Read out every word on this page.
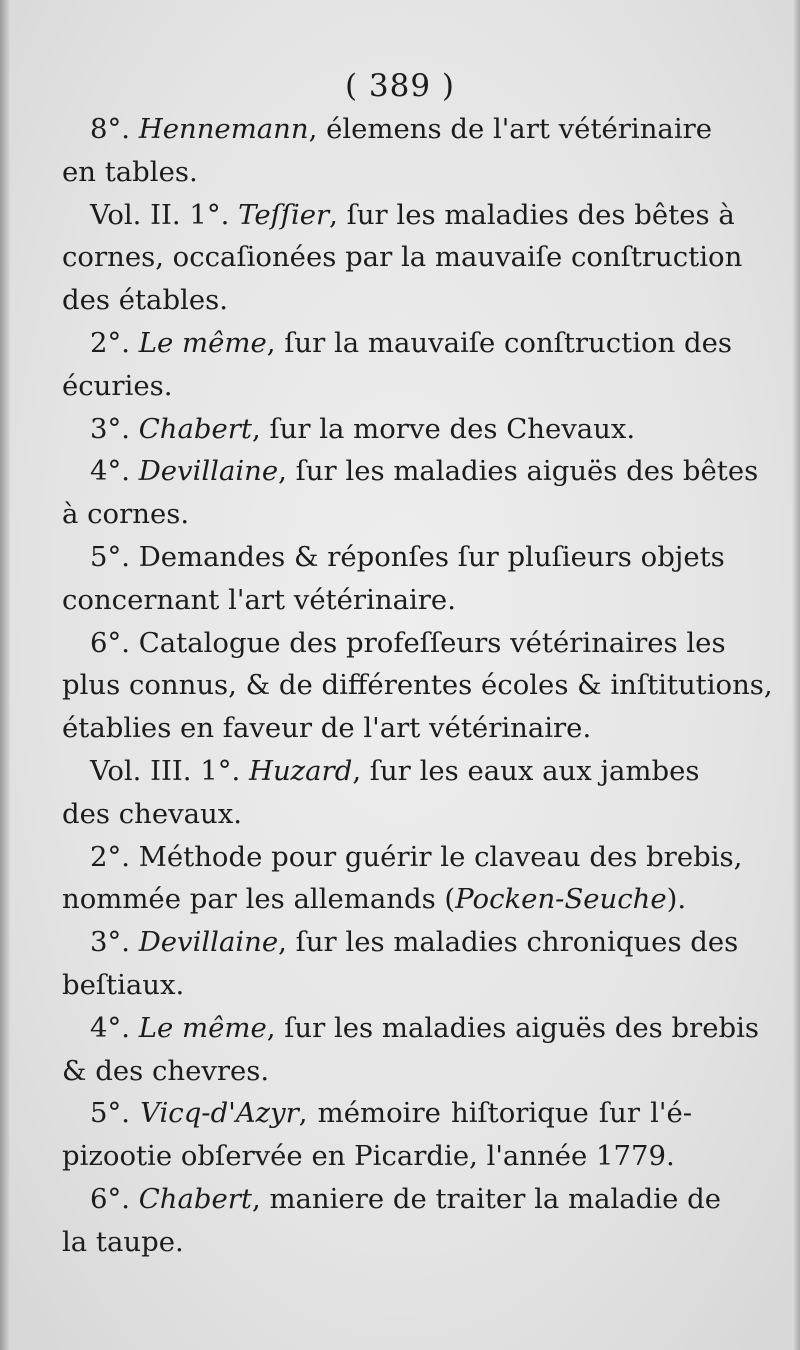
( 389 )
8°. Hennemann, élemens de l'art vétérinaire
en tables.
Vol. II. 1°. Teſſier, ſur les maladies des bêtes à
cornes, occaſionées par la mauvaiſe conſtruction
des étables.
2°. Le même, ſur la mauvaiſe conſtruction des
écuries.
3°. Chabert, ſur la morve des Chevaux.
4°. Devillaine, ſur les maladies aiguës des bêtes
à cornes.
5°. Demandes & réponſes ſur pluſieurs objets
concernant l'art vétérinaire.
6°. Catalogue des profeſſeurs vétérinaires les
plus connus, & de différentes écoles & inſtitutions,
établies en faveur de l'art vétérinaire.
Vol. III. 1°. Huzard, ſur les eaux aux jambes
des chevaux.
2°. Méthode pour guérir le claveau des brebis,
nommée par les allemands (Pocken-Seuche).
3°. Devillaine, ſur les maladies chroniques des
beſtiaux.
4°. Le même, ſur les maladies aiguës des brebis
& des chevres.
5°. Vicq-d'Azyr, mémoire hiſtorique ſur l'é-
pizootie obſervée en Picardie, l'année 1779.
6°. Chabert, maniere de traiter la maladie de
la taupe.
